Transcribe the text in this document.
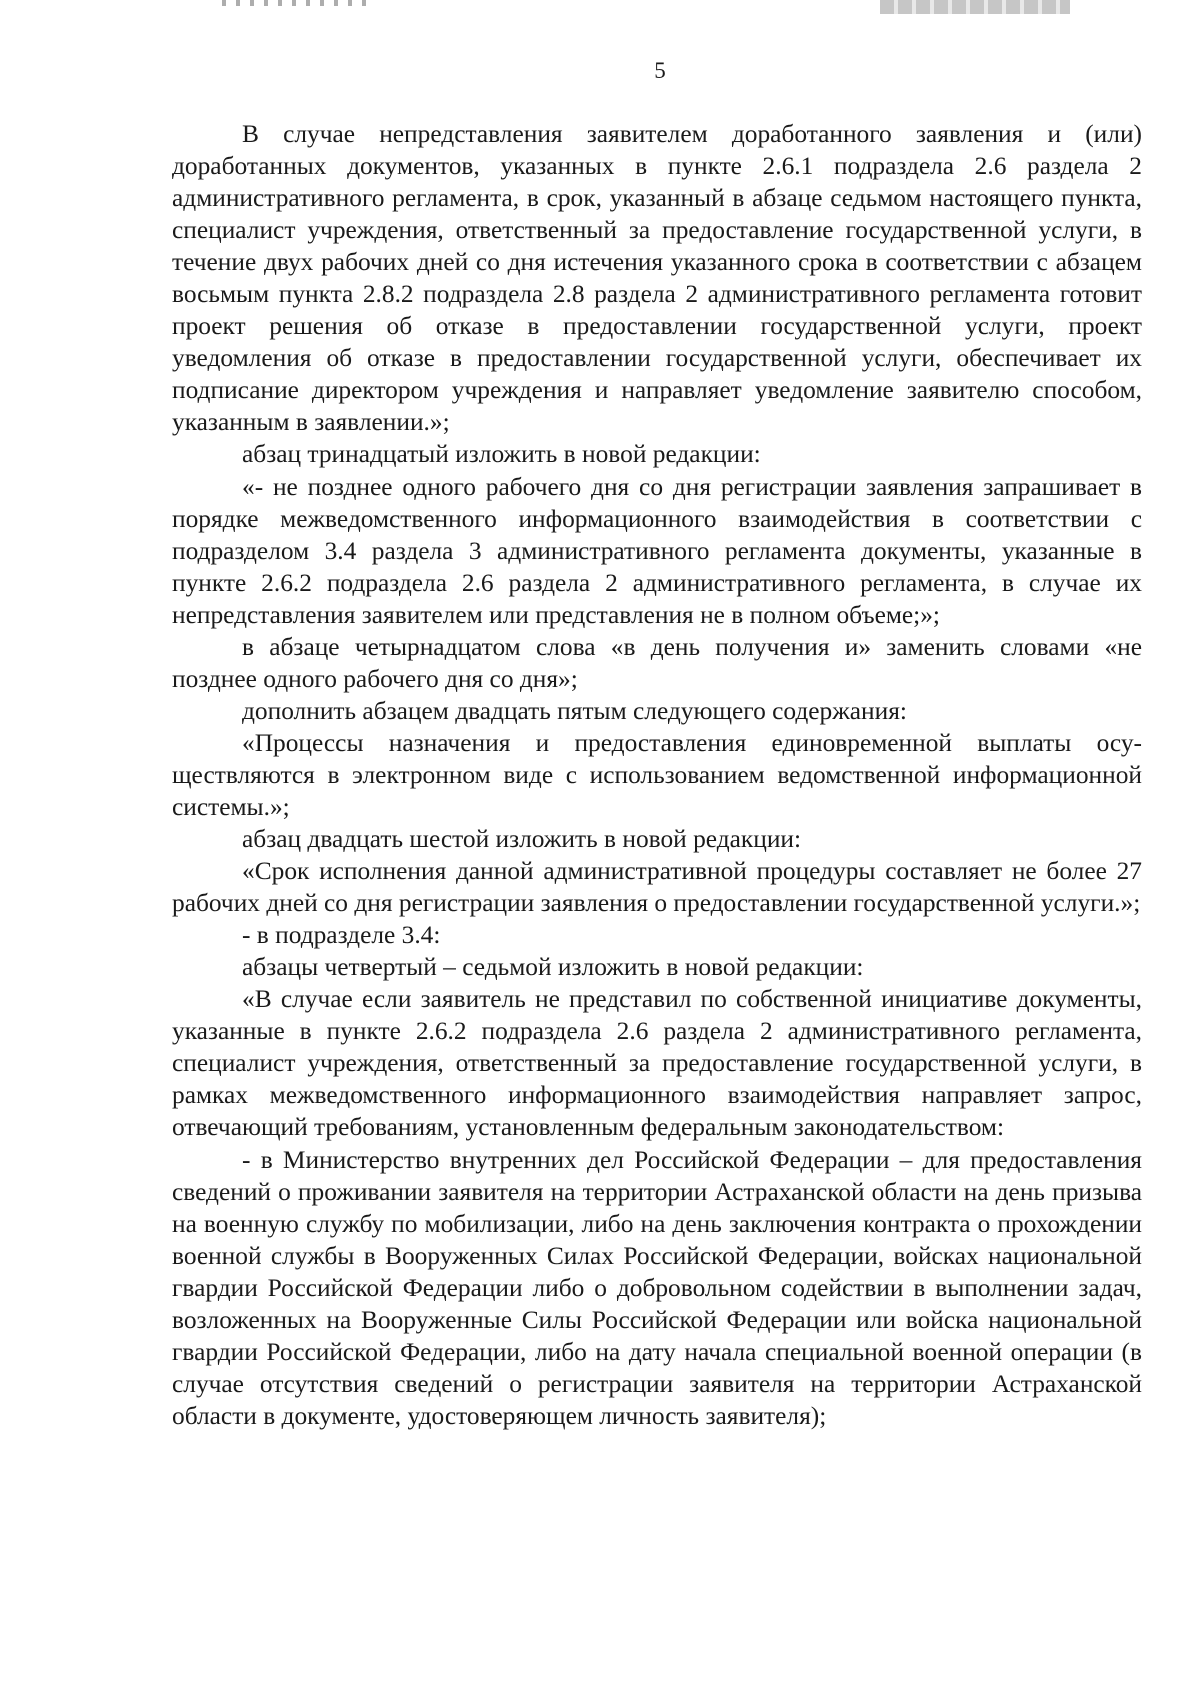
5

В случае непредставления заявителем доработанного заявления и (или) доработанных документов, указанных в пункте 2.6.1 подраздела 2.6 раздела 2 административного регламента, в срок, указанный в абзаце седьмом настоящего пункта, специалист учреждения, ответственный за предоставление государственной услуги, в течение двух рабочих дней со дня истечения указанного срока в соответствии с абзацем восьмым пункта 2.8.2 подраздела 2.8 раздела 2 административного регламента готовит проект решения об отказе в предоставлении государственной услуги, проект уведомления об отказе в предоставлении государственной услуги, обеспечивает их подписание директором учреждения и направляет уведомление заявителю способом, указанным в заявлении.»;

абзац тринадцатый изложить в новой редакции:

«- не позднее одного рабочего дня со дня регистрации заявления запрашивает в порядке межведомственного информационного взаимодействия в соответствии с подразделом 3.4 раздела 3 административного регламента документы, указанные в пункте 2.6.2 подраздела 2.6 раздела 2 административного регламента, в случае их непредставления заявителем или представления не в полном объеме;»;

в абзаце четырнадцатом слова «в день получения и» заменить словами «не позднее одного рабочего дня со дня»;

дополнить абзацем двадцать пятым следующего содержания:

«Процессы назначения и предоставления единовременной выплаты осуществляются в электронном виде с использованием ведомственной информационной системы.»;

абзац двадцать шестой изложить в новой редакции:

«Срок исполнения данной административной процедуры составляет не более 27 рабочих дней со дня регистрации заявления о предоставлении государственной услуги.»;

- в подразделе 3.4:

абзацы четвертый – седьмой изложить в новой редакции:

«В случае если заявитель не представил по собственной инициативе документы, указанные в пункте 2.6.2 подраздела 2.6 раздела 2 административного регламента, специалист учреждения, ответственный за предоставление государственной услуги, в рамках межведомственного информационного взаимодействия направляет запрос, отвечающий требованиям, установленным федеральным законодательством:

- в Министерство внутренних дел Российской Федерации – для предоставления сведений о проживании заявителя на территории Астраханской области на день призыва на военную службу по мобилизации, либо на день заключения контракта о прохождении военной службы в Вооруженных Силах Российской Федерации, войсках национальной гвардии Российской Федерации либо о добровольном содействии в выполнении задач, возложенных на Вооруженные Силы Российской Федерации или войска национальной гвардии Российской Федерации, либо на дату начала специальной военной операции (в случае отсутствия сведений о регистрации заявителя на территории Астраханской области в документе, удостоверяющем личность заявителя);
